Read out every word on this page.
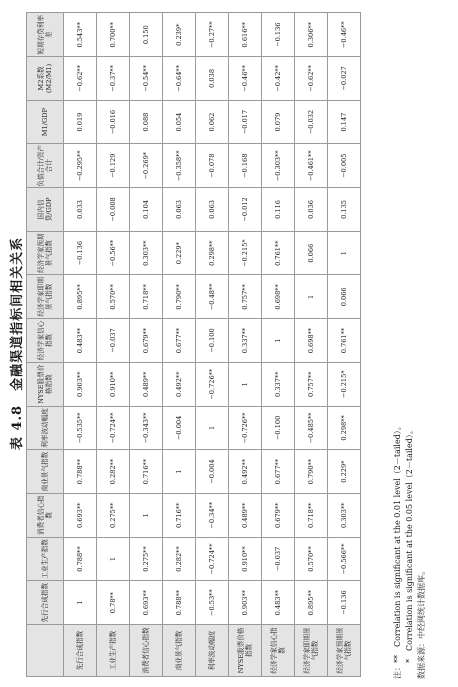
表 4.8　金融渠道指标间相关关系
	先行合成指数	工业生产指数	消费者信心指数	商业景气指数	利率波动幅度	NYSE股票价格指数	经济学家信心指数	经济学家即期景气指数	经济学家预期景气指数	国内信贷/GDP	负债合计/资产合计	M1/GDP	M2系数(M2/M1)	短期存贷利率差
先行合成指数	1	0.788**	0.693**	0.788**	−0.535**	0.903**	0.483**	0.895**	−0.136	0.033	−0.295**	0.019	−0.62**	0.543**
工业生产指数	0.78**	1	0.275**	0.282**	−0.724**	0.910**	−0.037	0.570**	−0.56**	−0.008	−0.129	−0.016	−0.37**	0.700**
消费者信心指数	0.693**	0.275**	1	0.716**	−0.343**	0.489**	0.679**	0.718**	0.303**	0.104	−0.269*	0.088	−0.54**	0.150
商业景气指数	0.788**	0.282**	0.716**	1	−0.004	0.492**	0.677**	0.790**	0.229*	0.063	−0.358**	0.054	−0.64**	0.239*
利率波动幅度	−0.53**	−0.724**	−0.34**	−0.004	1	−0.726**	−0.100	−0.48**	0.298**	0.063	−0.078	0.062	0.038	−0.27**
NYSE股票价格指数	0.903**	0.910**	0.489**	0.492**	−0.726**	1	0.337**	0.757**	−0.215*	−0.012	−0.168	−0.017	−0.46**	0.616**
经济学家信心指数	0.483**	−0.037	0.679**	0.677**	−0.100	0.337**	1	0.698**	0.761**	0.116	−0.303**	0.079	−0.42**	−0.136
经济学家即期景气指数	0.895**	0.570**	0.718**	0.790**	−0.485**	0.757**	0.698**	1	0.066	0.036	−0.461**	−0.032	−0.62**	0.306**
经济学家预期景气指数	−0.136	−0.566**	0.303**	0.229*	0.298**	−0.215*	0.761**	0.066	1	0.135	−0.005	0.147	−0.027	−0.46**
注：**　Correlation is significant at the 0.01 level（2－tailed）。 　　*　Correlation is significant at the 0.05 level（2－tailed）。 数据来源：中经网统计数据库。
